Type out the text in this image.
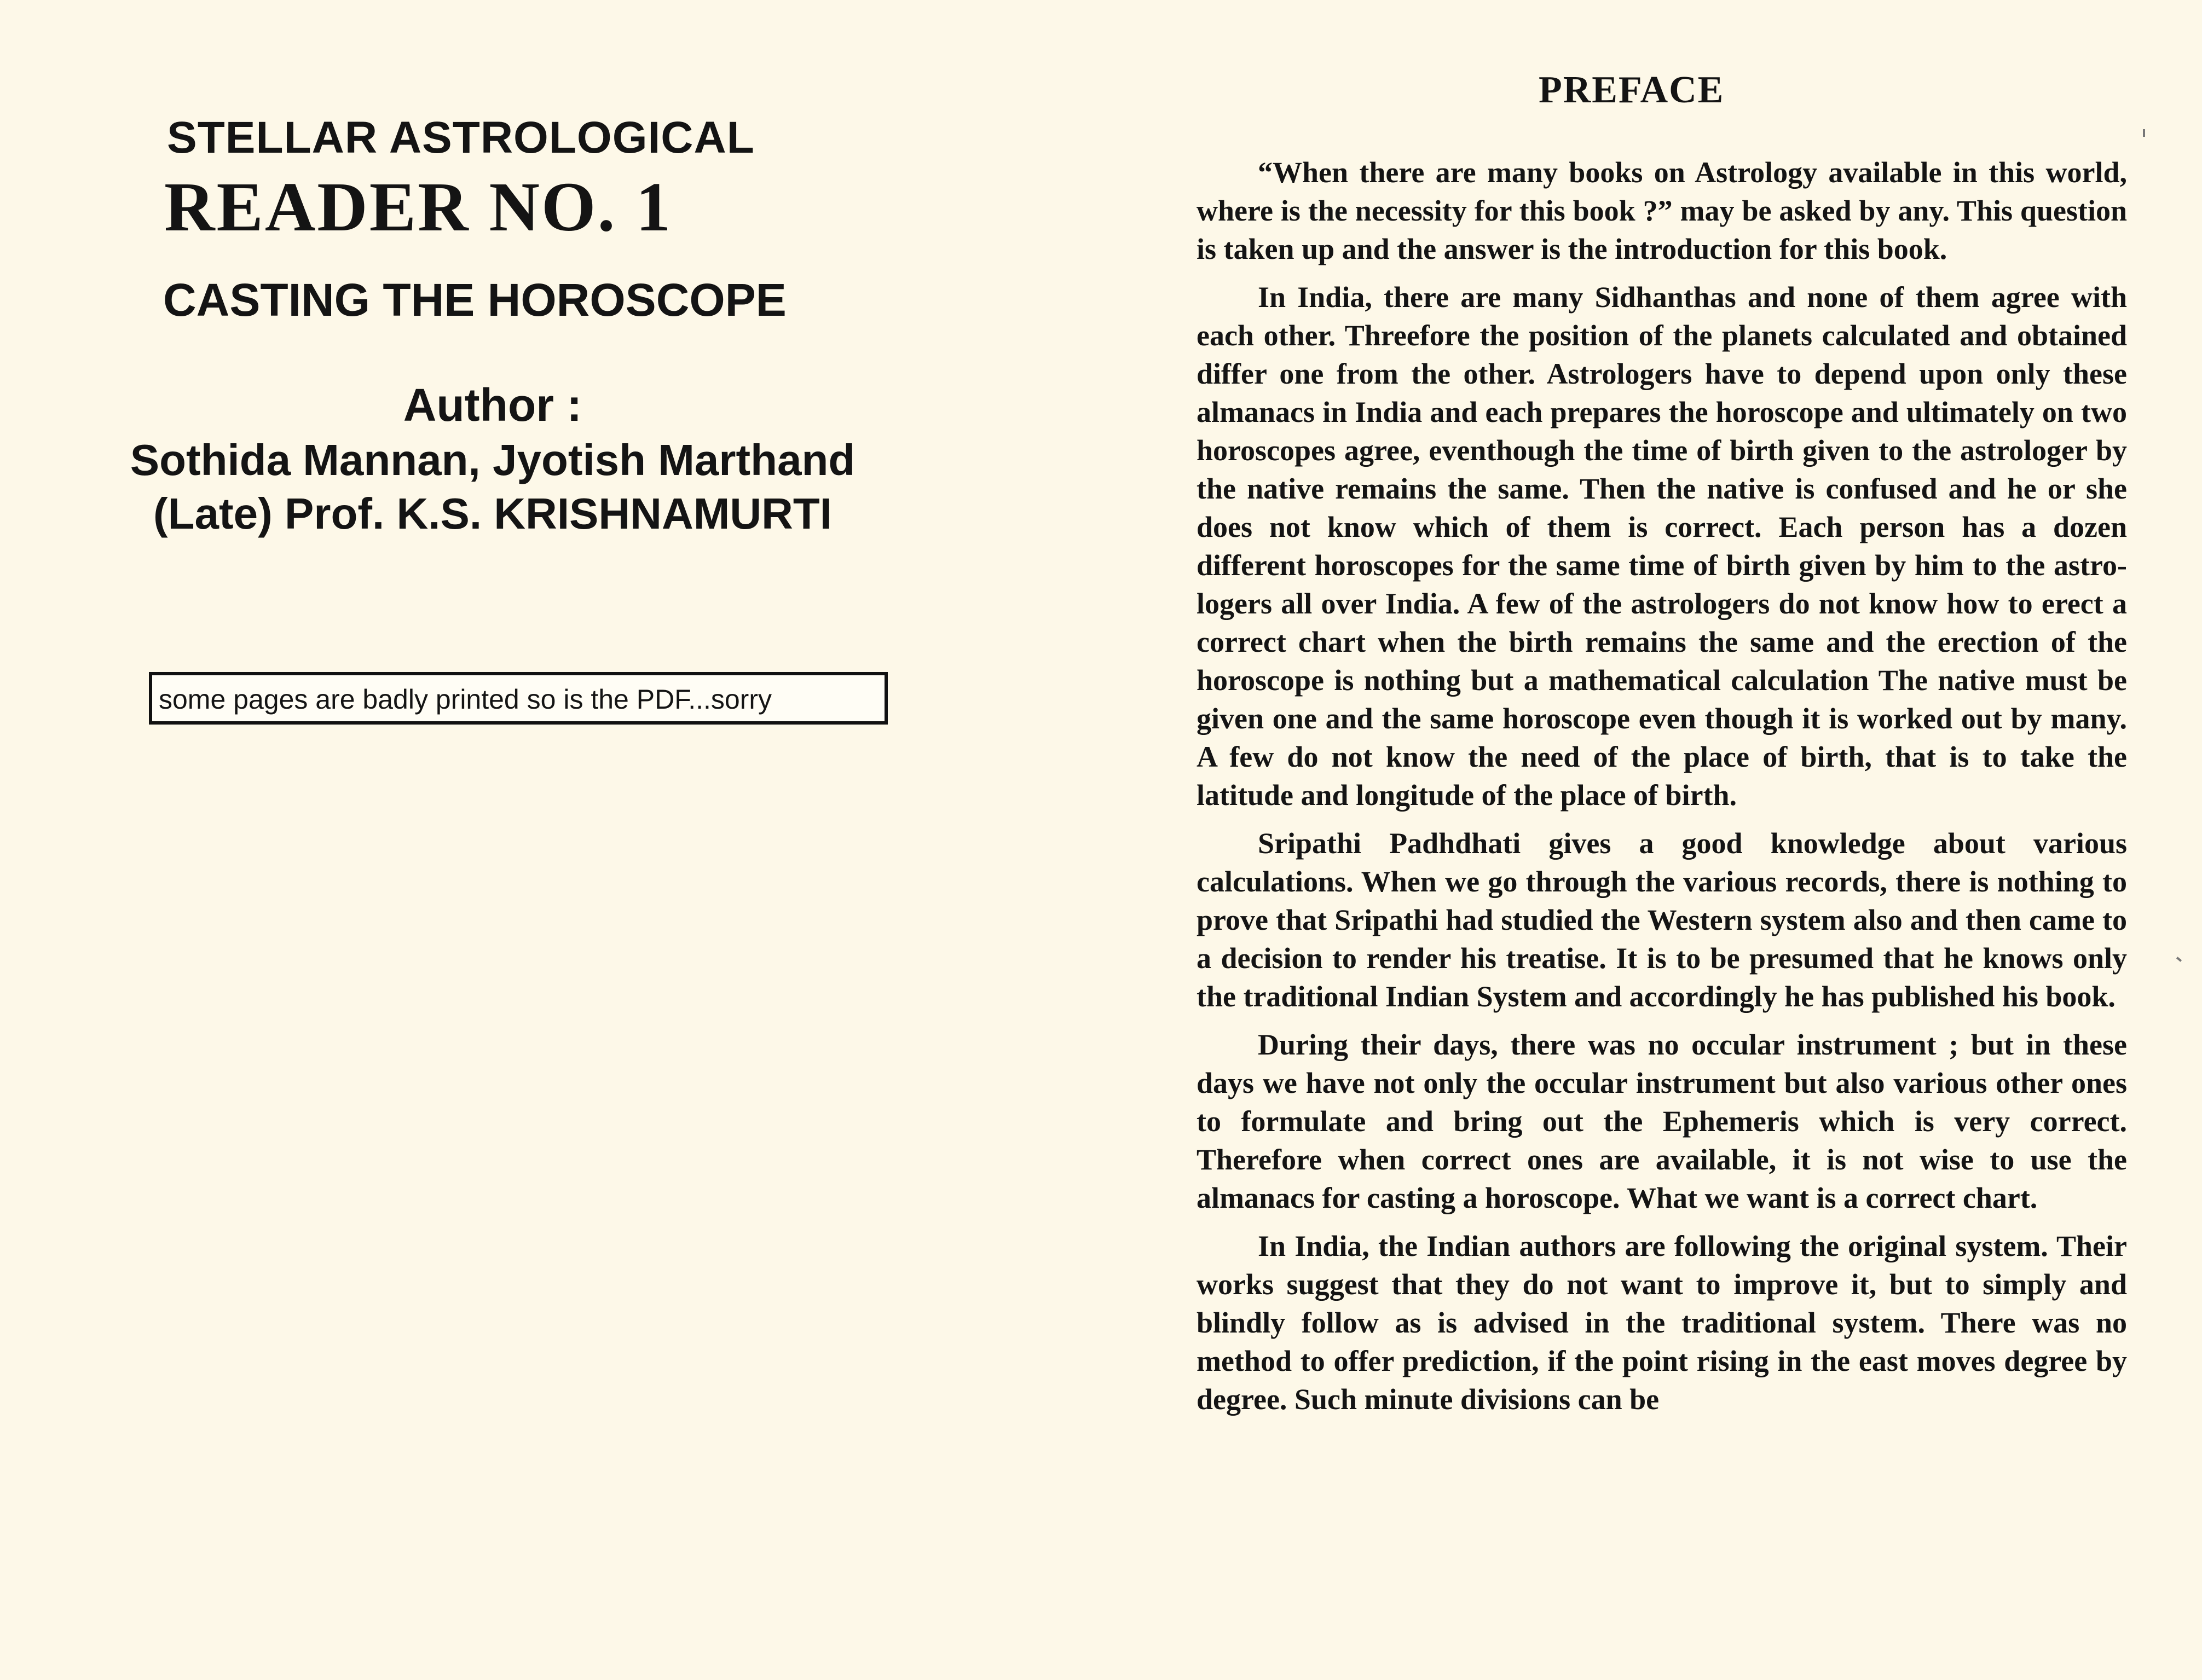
STELLAR ASTROLOGICAL
READER NO. 1
CASTING THE HOROSCOPE
Author :
Sothida Mannan, Jyotish Marthand
(Late) Prof. K.S. KRISHNAMURTI
some pages are badly printed so is the PDF...sorry
PREFACE

“When there are many books on Astrology available in this world, where is the necessity for this book ?” may be asked by any. This question is taken up and the answer is the introduction for this book.

In India, there are many Sidhanthas and none of them agree with each other. Threefore the position of the planets calculated and obtained differ one from the other. Astrologers have to depend upon only these almanacs in India and each prepares the horoscope and ultimately on two horoscopes agree, eventhough the time of birth given to the astrologer by the native remains the same. Then the native is confused and he or she does not know which of them is correct. Each person has a dozen different horoscopes for the same time of birth given by him to the astrologers all over India. A few of the astrologers do not know how to erect a correct chart when the birth remains the same and the erection of the horoscope is nothing but a mathematical calculation The native must be given one and the same horoscope even though it is worked out by many. A few do not know the need of the place of birth, that is to take the latitude and longitude of the place of birth.

Sripathi Padhdhati gives a good knowledge about various calculations. When we go through the various records, there is nothing to prove that Sripathi had studied the Western system also and then came to a decision to render his treatise. It is to be presumed that he knows only the traditional Indian System and accordingly he has published his book.

During their days, there was no occular instrument ; but in these days we have not only the occular instrument but also various other ones to formulate and bring out the Ephemeris which is very correct. Therefore when correct ones are available, it is not wise to use the almanacs for casting a horoscope. What we want is a correct chart.

In India, the Indian authors are following the original system. Their works suggest that they do not want to improve it, but to simply and blindly follow as is advised in the traditional system. There was no method to offer prediction, if the point rising in the east moves degree by degree. Such minute divisions can be
